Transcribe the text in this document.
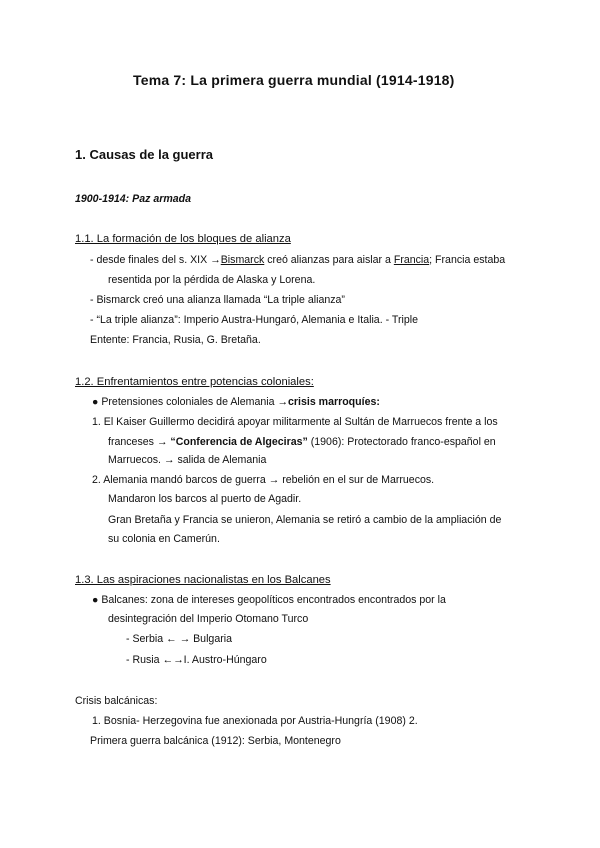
Tema 7: La primera guerra mundial (1914-1918)
1. Causas de la guerra
1900-1914: Paz armada
1.1. La formación de los bloques de alianza
- desde finales del s. XIX →Bismarck creó alianzas para aislar a Francia; Francia estaba
resentida por la pérdida de Alaska y Lorena.
- Bismarck creó una alianza llamada “La triple alianza”
- “La triple alianza”: Imperio Austra-Hungaró, Alemania e Italia. - Triple
Entente: Francia, Rusia, G. Bretaña.
1.2. Enfrentamientos entre potencias coloniales:
● Pretensiones coloniales de Alemania →crisis marroquíes:
1. El Kaiser Guillermo decidirá apoyar militarmente al Sultán de Marruecos frente a los
franceses → “Conferencia de Algeciras” (1906): Protectorado franco-español en
Marruecos. → salida de Alemania
2. Alemania mandó barcos de guerra → rebelión en el sur de Marruecos.
Mandaron los barcos al puerto de Agadir.
Gran Bretaña y Francia se unieron, Alemania se retiró a cambio de la ampliación de
su colonia en Camerún.
1.3. Las aspiraciones nacionalistas en los Balcanes
● Balcanes: zona de intereses geopolíticos encontrados encontrados por la
desintegración del Imperio Otomano Turco
- Serbia ← → Bulgaria
- Rusia ←→I. Austro-Húngaro
Crisis balcánicas:
1. Bosnia- Herzegovina fue anexionada por Austria-Hungría (1908) 2.
Primera guerra balcánica (1912): Serbia, Montenegro
